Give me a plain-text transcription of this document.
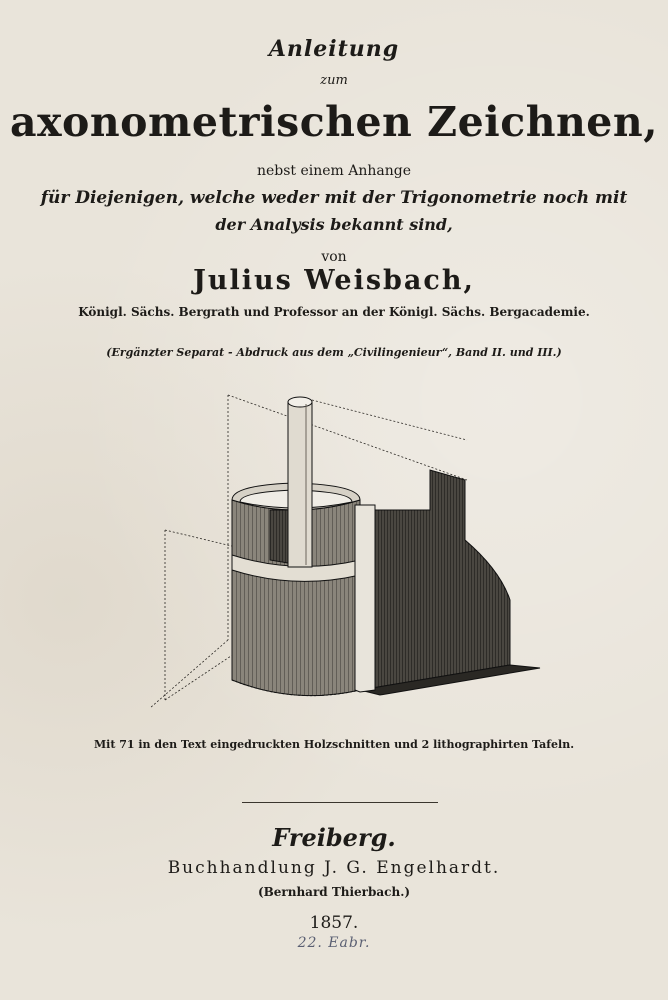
Anleitung
zum
axonometrischen Zeichnen,
nebst einem Anhange
für Diejenigen, welche weder mit der Trigonometrie noch mit
der Analysis bekannt sind,
von
Julius Weisbach,
Königl. Sächs. Bergrath und Professor an der Königl. Sächs. Bergacademie.
(Ergänzter Separat - Abdruck aus dem „Civilingenieur“, Band II. und III.)
Mit 71 in den Text eingedruckten Holzschnitten und 2 lithographirten Tafeln.
Freiberg.
Buchhandlung J. G. Engelhardt.
(Bernhard Thierbach.)
1857.
22. Eabr.
